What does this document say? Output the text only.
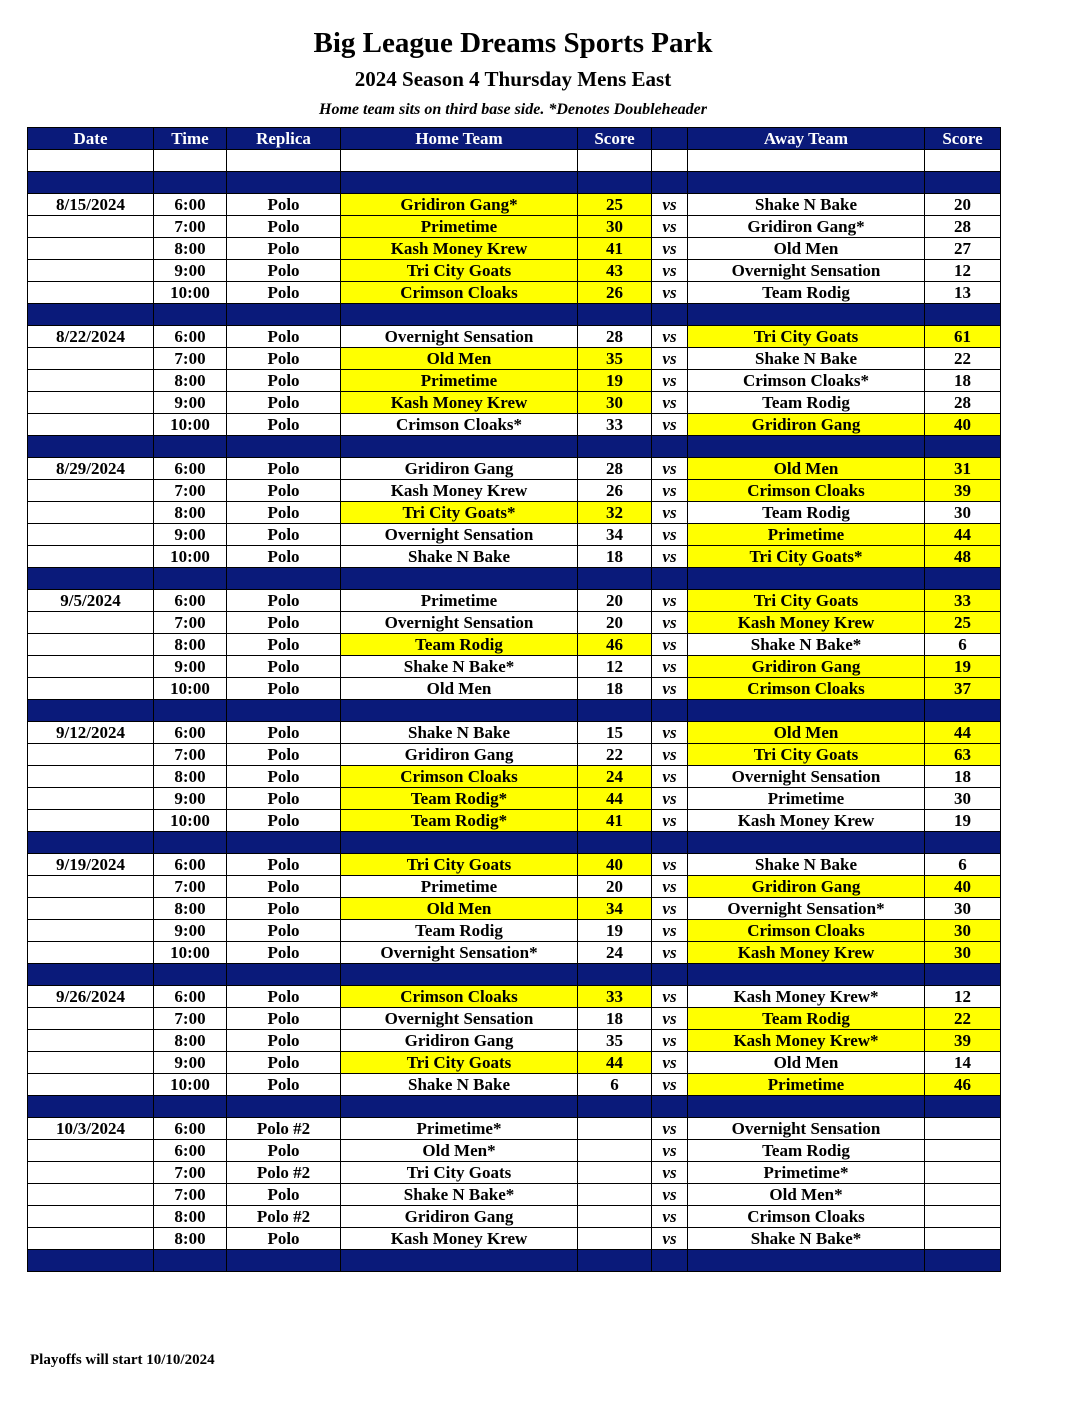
Big League Dreams Sports Park
2024 Season 4 Thursday Mens East
Home team sits on third base side. *Denotes Doubleheader
Date	Time	Replica	Home Team	Score		Away Team	Score

8/15/2024	6:00	Polo	Gridiron Gang*	25	vs	Shake N Bake	20
	7:00	Polo	Primetime	30	vs	Gridiron Gang*	28
	8:00	Polo	Kash Money Krew	41	vs	Old Men	27
	9:00	Polo	Tri City Goats	43	vs	Overnight Sensation	12
	10:00	Polo	Crimson Cloaks	26	vs	Team Rodig	13

8/22/2024	6:00	Polo	Overnight Sensation	28	vs	Tri City Goats	61
	7:00	Polo	Old Men	35	vs	Shake N Bake	22
	8:00	Polo	Primetime	19	vs	Crimson Cloaks*	18
	9:00	Polo	Kash Money Krew	30	vs	Team Rodig	28
	10:00	Polo	Crimson Cloaks*	33	vs	Gridiron Gang	40

8/29/2024	6:00	Polo	Gridiron Gang	28	vs	Old Men	31
	7:00	Polo	Kash Money Krew	26	vs	Crimson Cloaks	39
	8:00	Polo	Tri City Goats*	32	vs	Team Rodig	30
	9:00	Polo	Overnight Sensation	34	vs	Primetime	44
	10:00	Polo	Shake N Bake	18	vs	Tri City Goats*	48

9/5/2024	6:00	Polo	Primetime	20	vs	Tri City Goats	33
	7:00	Polo	Overnight Sensation	20	vs	Kash Money Krew	25
	8:00	Polo	Team Rodig	46	vs	Shake N Bake*	6
	9:00	Polo	Shake N Bake*	12	vs	Gridiron Gang	19
	10:00	Polo	Old Men	18	vs	Crimson Cloaks	37

9/12/2024	6:00	Polo	Shake N Bake	15	vs	Old Men	44
	7:00	Polo	Gridiron Gang	22	vs	Tri City Goats	63
	8:00	Polo	Crimson Cloaks	24	vs	Overnight Sensation	18
	9:00	Polo	Team Rodig*	44	vs	Primetime	30
	10:00	Polo	Team Rodig*	41	vs	Kash Money Krew	19

9/19/2024	6:00	Polo	Tri City Goats	40	vs	Shake N Bake	6
	7:00	Polo	Primetime	20	vs	Gridiron Gang	40
	8:00	Polo	Old Men	34	vs	Overnight Sensation*	30
	9:00	Polo	Team Rodig	19	vs	Crimson Cloaks	30
	10:00	Polo	Overnight Sensation*	24	vs	Kash Money Krew	30

9/26/2024	6:00	Polo	Crimson Cloaks	33	vs	Kash Money Krew*	12
	7:00	Polo	Overnight Sensation	18	vs	Team Rodig	22
	8:00	Polo	Gridiron Gang	35	vs	Kash Money Krew*	39
	9:00	Polo	Tri City Goats	44	vs	Old Men	14
	10:00	Polo	Shake N Bake	6	vs	Primetime	46

10/3/2024	6:00	Polo #2	Primetime*		vs	Overnight Sensation	
	6:00	Polo	Old Men*		vs	Team Rodig	
	7:00	Polo #2	Tri City Goats		vs	Primetime*	
	7:00	Polo	Shake N Bake*		vs	Old Men*	
	8:00	Polo #2	Gridiron Gang		vs	Crimson Cloaks	
	8:00	Polo	Kash Money Krew		vs	Shake N Bake*	

Playoffs will start 10/10/2024
